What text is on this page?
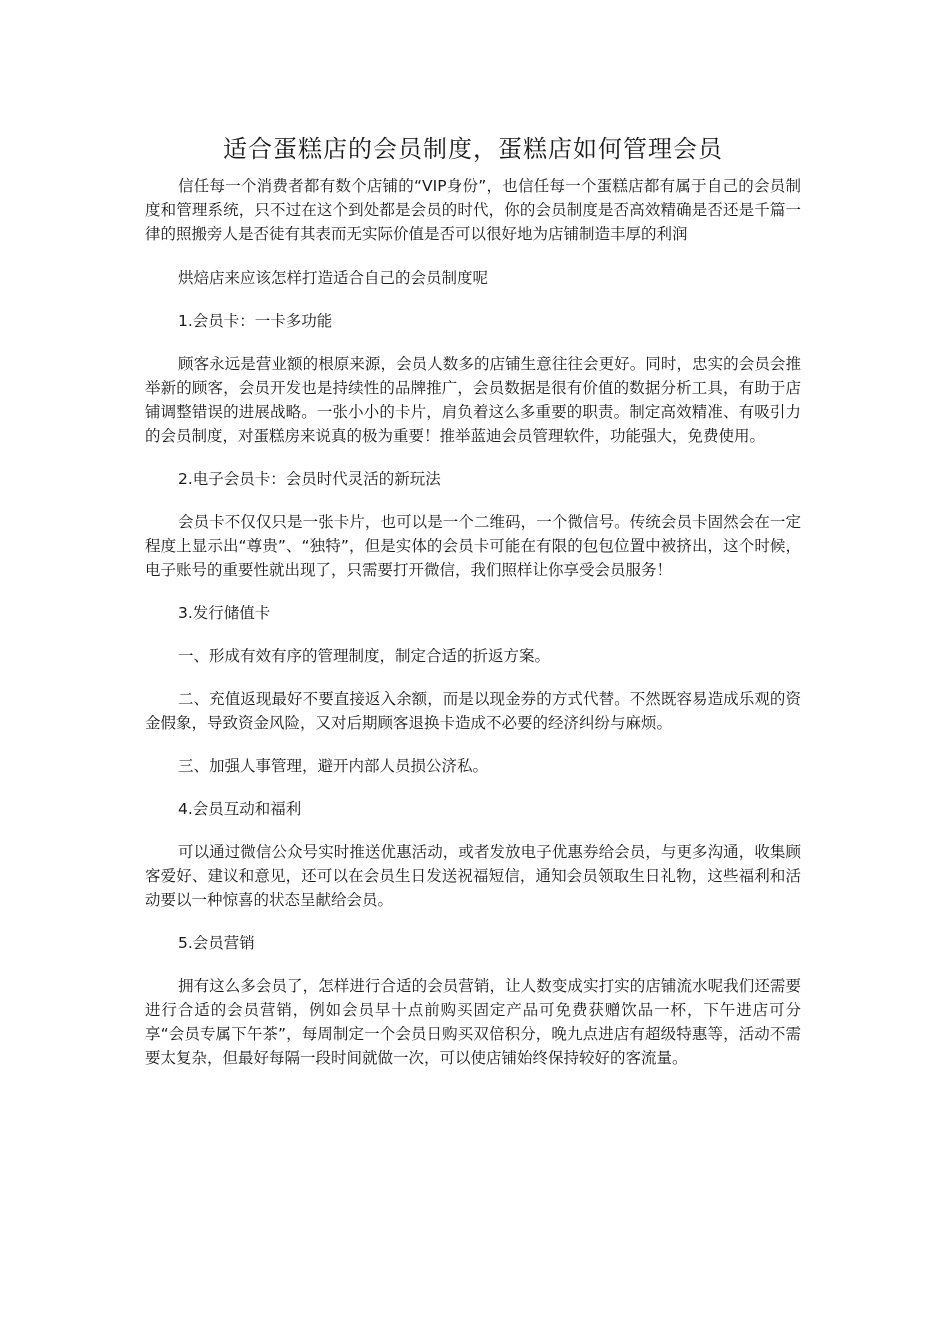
适合蛋糕店的会员制度，蛋糕店如何管理会员

信任每一个消费者都有数个店铺的“VIP身份”，也信任每一个蛋糕店都有属于自己的会员制度和管理系统，只不过在这个到处都是会员的时代，你的会员制度是否高效精确是否还是千篇一律的照搬旁人是否徒有其表而无实际价值是否可以很好地为店铺制造丰厚的利润

烘焙店来应该怎样打造适合自己的会员制度呢

1.会员卡：一卡多功能

顾客永远是营业额的根原来源，会员人数多的店铺生意往往会更好。同时，忠实的会员会推举新的顾客，会员开发也是持续性的品牌推广，会员数据是很有价值的数据分析工具，有助于店铺调整错误的进展战略。一张小小的卡片，肩负着这么多重要的职责。制定高效精准、有吸引力的会员制度，对蛋糕房来说真的极为重要！推举蓝迪会员管理软件，功能强大，免费使用。

2.电子会员卡：会员时代灵活的新玩法

会员卡不仅仅只是一张卡片，也可以是一个二维码，一个微信号。传统会员卡固然会在一定程度上显示出“尊贵”、“独特”，但是实体的会员卡可能在有限的包包位置中被挤出，这个时候，电子账号的重要性就出现了，只需要打开微信，我们照样让你享受会员服务！

3.发行储值卡

一、形成有效有序的管理制度，制定合适的折返方案。

二、充值返现最好不要直接返入余额，而是以现金券的方式代替。不然既容易造成乐观的资金假象，导致资金风险，又对后期顾客退换卡造成不必要的经济纠纷与麻烦。

三、加强人事管理，避开内部人员损公济私。

4.会员互动和福利

可以通过微信公众号实时推送优惠活动，或者发放电子优惠券给会员，与更多沟通，收集顾客爱好、建议和意见，还可以在会员生日发送祝福短信，通知会员领取生日礼物，这些福利和活动要以一种惊喜的状态呈献给会员。

5.会员营销

拥有这么多会员了，怎样进行合适的会员营销，让人数变成实打实的店铺流水呢我们还需要进行合适的会员营销，例如会员早十点前购买固定产品可免费获赠饮品一杯，下午进店可分享“会员专属下午茶”，每周制定一个会员日购买双倍积分，晚九点进店有超级特惠等，活动不需要太复杂，但最好每隔一段时间就做一次，可以使店铺始终保持较好的客流量。
